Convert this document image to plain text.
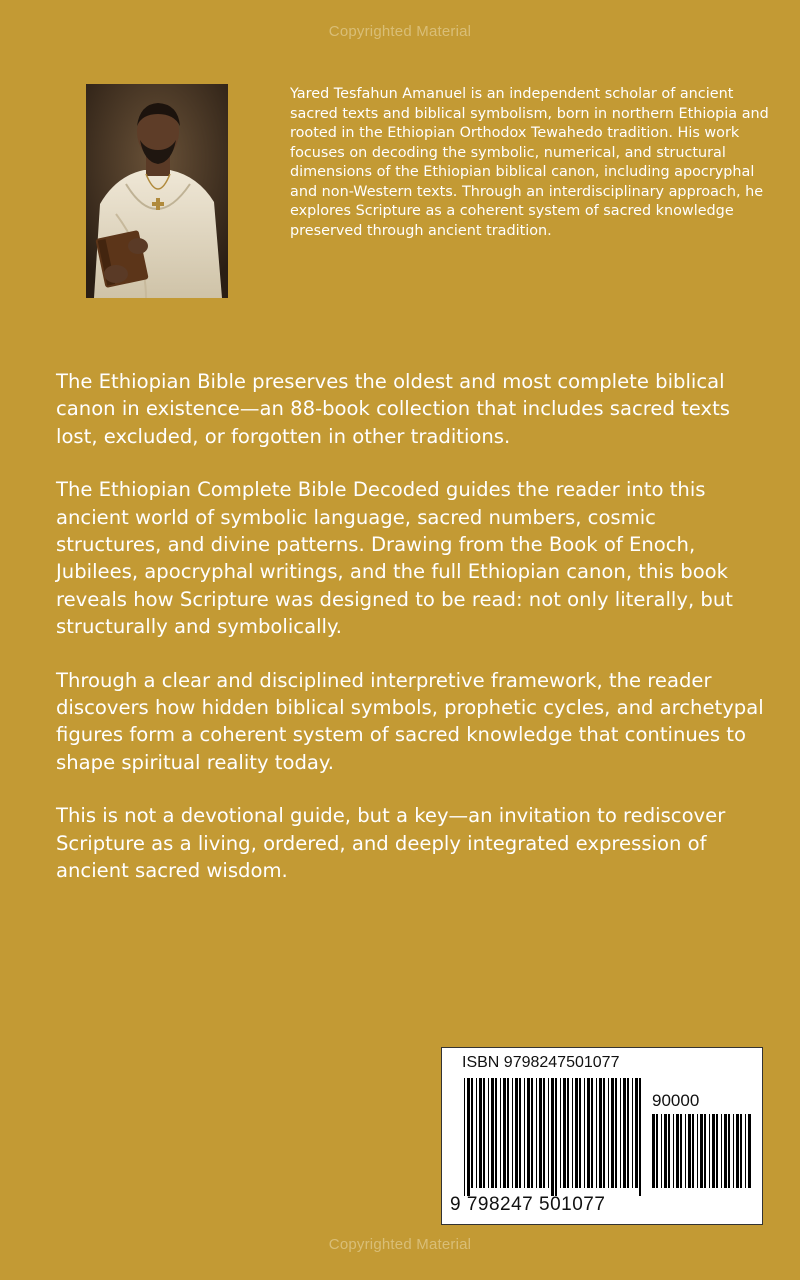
Copyrighted Material

Yared Tesfahun Amanuel is an independent scholar of ancient sacred texts and biblical symbolism, born in northern Ethiopia and rooted in the Ethiopian Orthodox Tewahedo tradition. His work focuses on decoding the symbolic, numerical, and structural dimensions of the Ethiopian biblical canon, including apocryphal and non-Western texts. Through an interdisciplinary approach, he explores Scripture as a coherent system of sacred knowledge preserved through ancient tradition.

The Ethiopian Bible preserves the oldest and most complete biblical canon in existence—an 88-book collection that includes sacred texts lost, excluded, or forgotten in other traditions.

The Ethiopian Complete Bible Decoded guides the reader into this ancient world of symbolic language, sacred numbers, cosmic structures, and divine patterns. Drawing from the Book of Enoch, Jubilees, apocryphal writings, and the full Ethiopian canon, this book reveals how Scripture was designed to be read: not only literally, but structurally and symbolically.

Through a clear and disciplined interpretive framework, the reader discovers how hidden biblical symbols, prophetic cycles, and archetypal figures form a coherent system of sacred knowledge that continues to shape spiritual reality today.

This is not a devotional guide, but a key—an invitation to rediscover Scripture as a living, ordered, and deeply integrated expression of ancient sacred wisdom.

ISBN 9798247501077
90000
9 798247 501077
Copyrighted Material
